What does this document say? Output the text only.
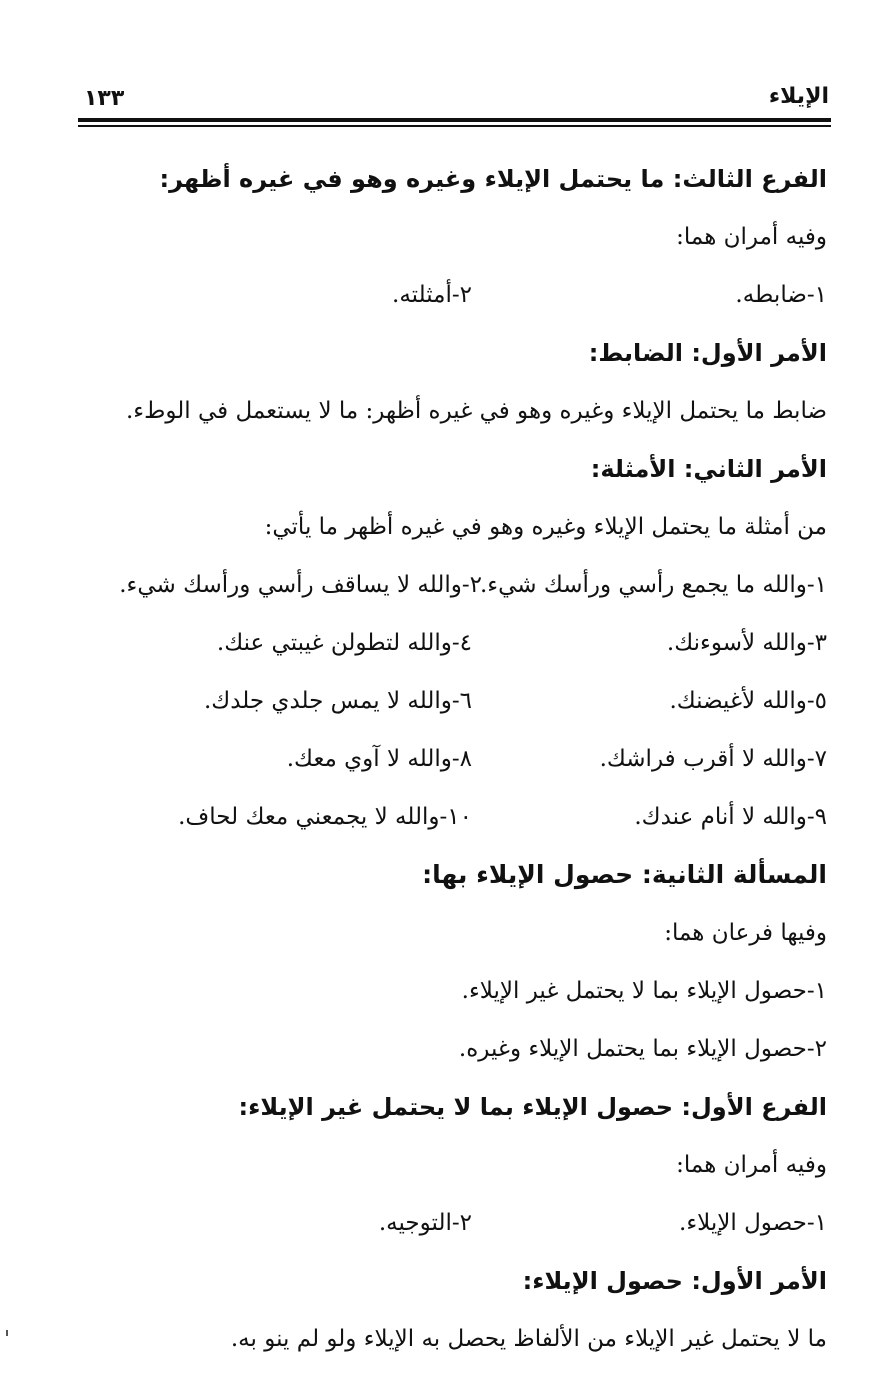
الإيلاء
١٣٣
الفرع الثالث: ما يحتمل الإيلاء وغيره وهو في غيره أظهر:
وفيه أمران هما:
١-ضابطه.
٢-أمثلته.
الأمر الأول: الضابط:
ضابط ما يحتمل الإيلاء وغيره وهو في غيره أظهر: ما لا يستعمل في الوطء.
الأمر الثاني: الأمثلة:
من أمثلة ما يحتمل الإيلاء وغيره وهو في غيره أظهر ما يأتي:
١-والله ما يجمع رأسي ورأسك شيء.
٢-والله لا يساقف رأسي ورأسك شيء.
٣-والله لأسوءنك.
٤-والله لتطولن غيبتي عنك.
٥-والله لأغيضنك.
٦-والله لا يمس جلدي جلدك.
٧-والله لا أقرب فراشك.
٨-والله لا آوي معك.
٩-والله لا أنام عندك.
١٠-والله لا يجمعني معك لحاف.
المسألة الثانية: حصول الإيلاء بها:
وفيها فرعان هما:
١-حصول الإيلاء بما لا يحتمل غير الإيلاء.
٢-حصول الإيلاء بما يحتمل الإيلاء وغيره.
الفرع الأول: حصول الإيلاء بما لا يحتمل غير الإيلاء:
وفيه أمران هما:
١-حصول الإيلاء.
٢-التوجيه.
الأمر الأول: حصول الإيلاء:
ما لا يحتمل غير الإيلاء من الألفاظ يحصل به الإيلاء ولو لم ينو به.
